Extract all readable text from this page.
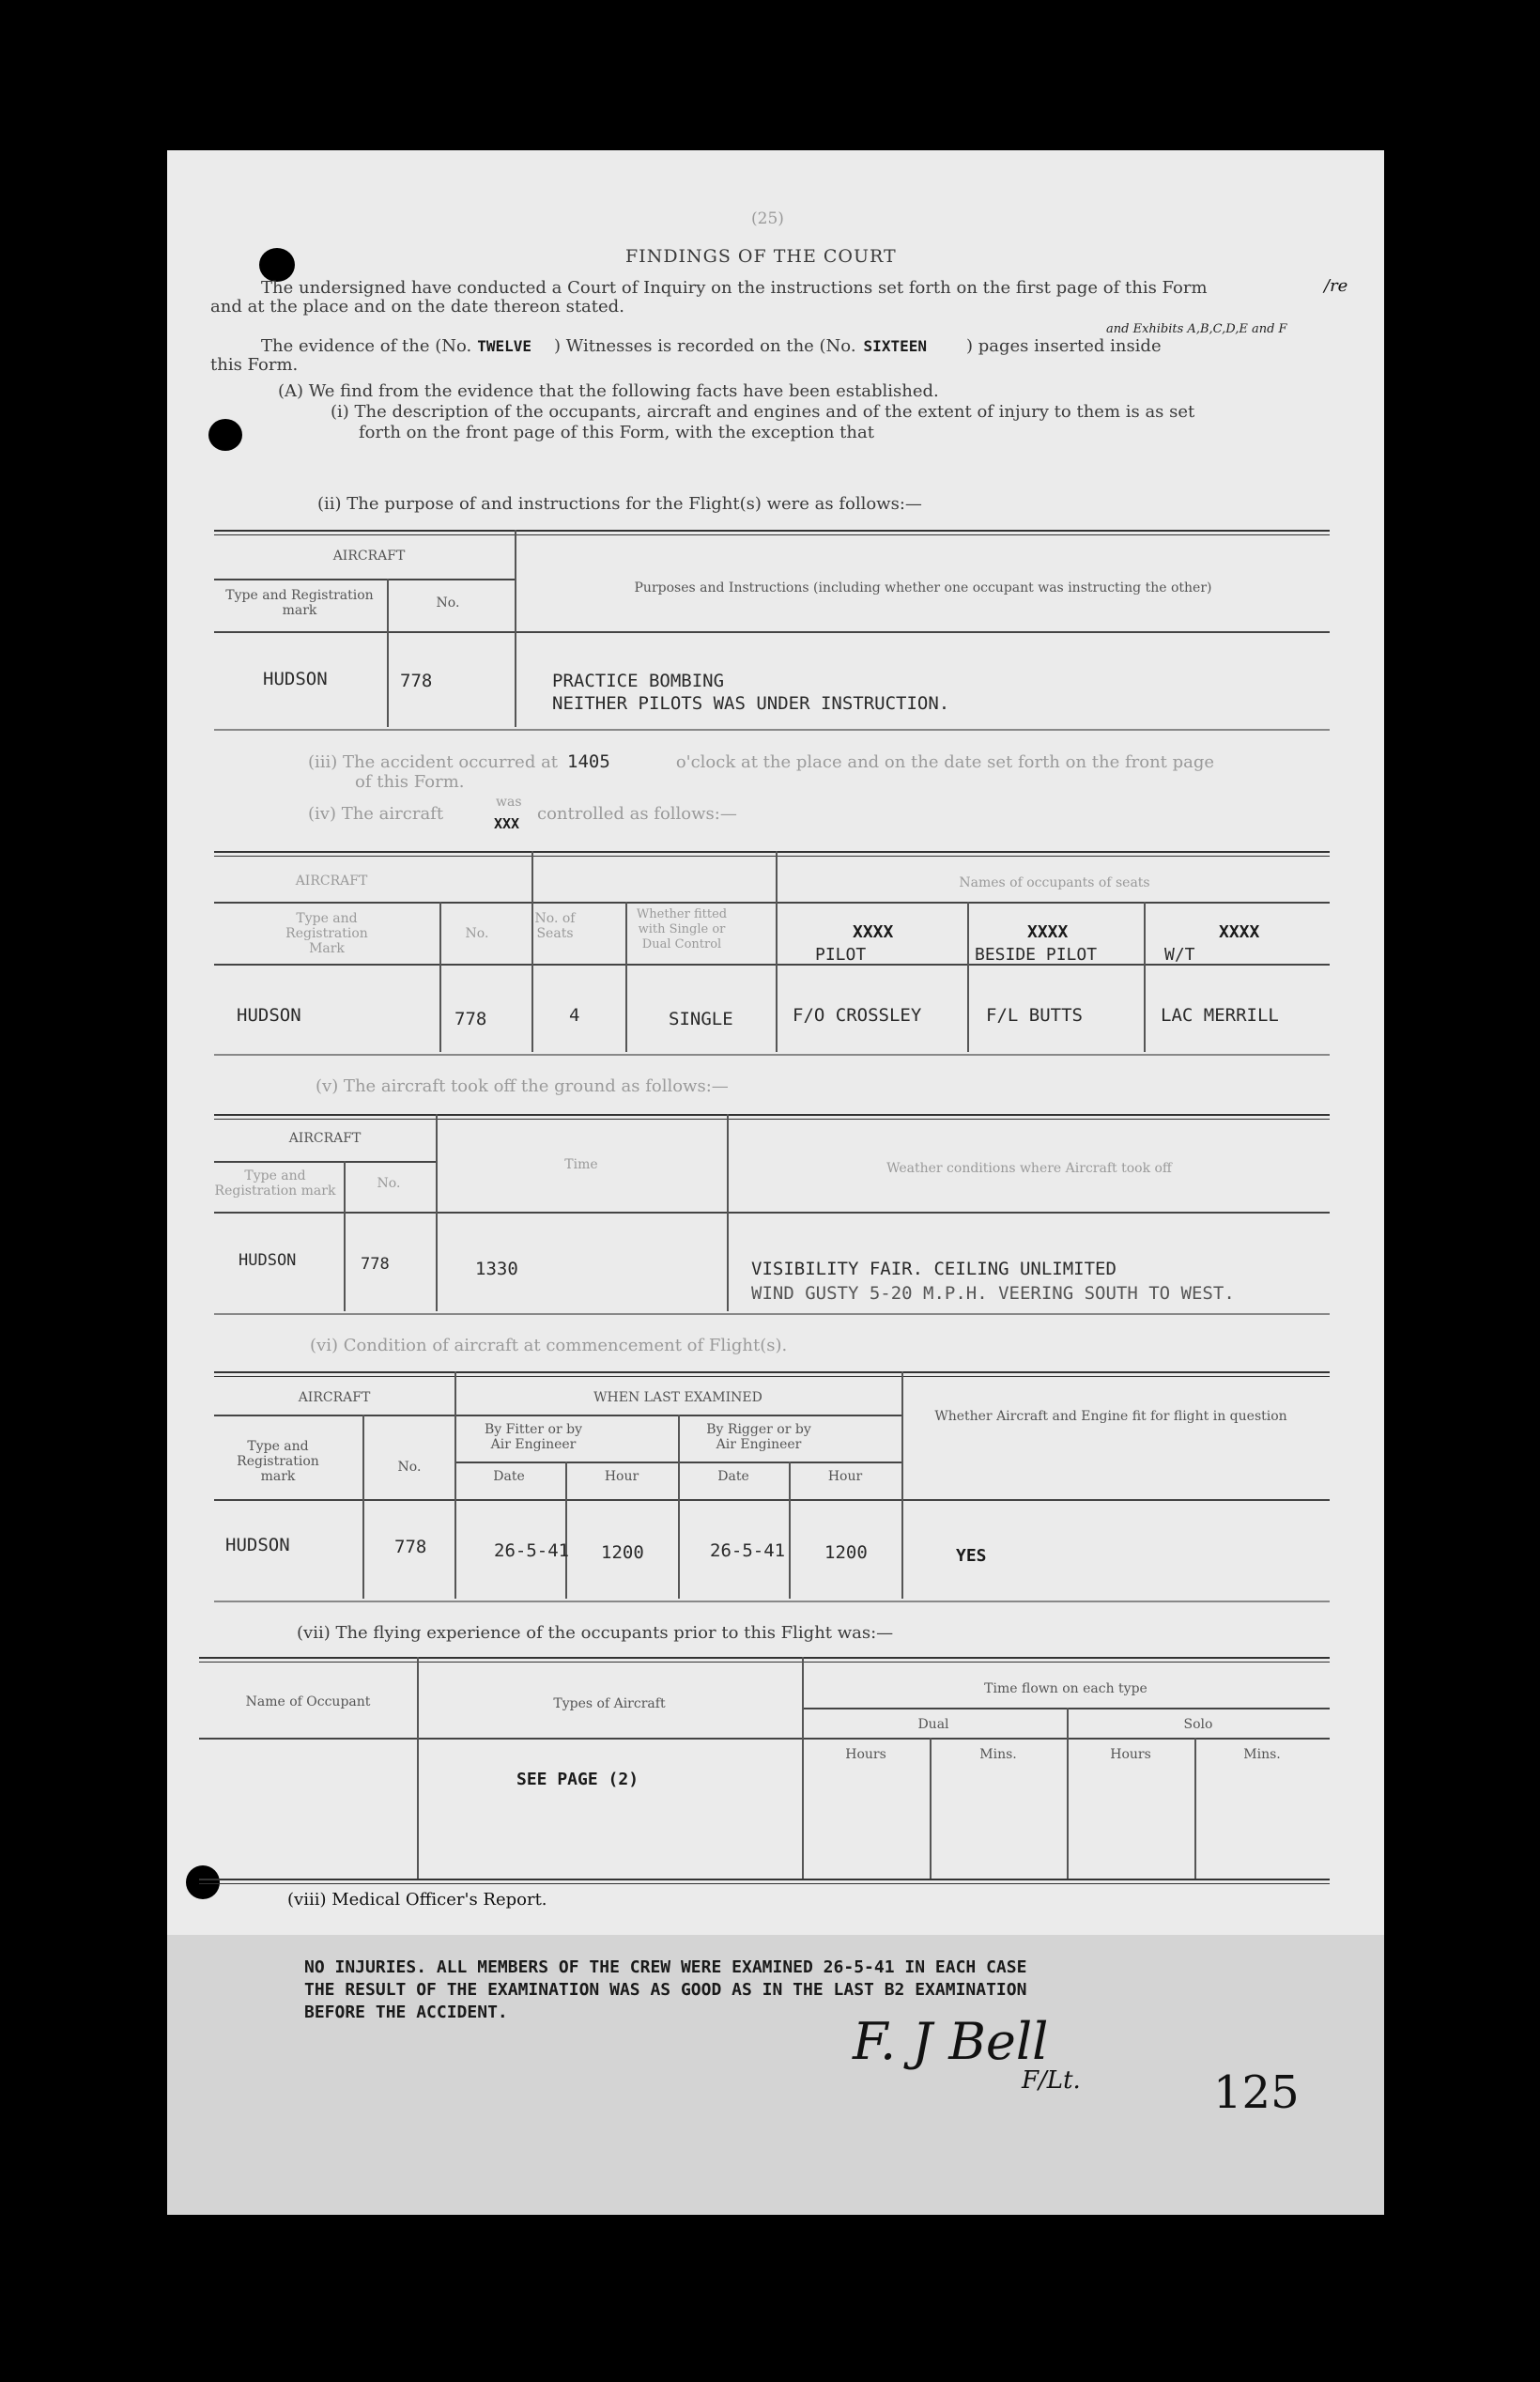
(25)
FINDINGS OF THE COURT
The undersigned have conducted a Court of Inquiry on the instructions set forth on the first page of this Form	/re
and at the place and on the date thereon stated.
and Exhibits A,B,C,D,E and F
The evidence of the (No. TWELVE ) Witnesses is recorded on the (No. SIXTEEN ) pages inserted inside
this Form.
(A) We find from the evidence that the following facts have been established.
(i) The description of the occupants, aircraft and engines and of the extent of injury to them is as set
forth on the front page of this Form, with the exception that
(ii) The purpose of and instructions for the Flight(s) were as follows:—
AIRCRAFT
Type and Registration mark	No.
Purposes and Instructions (including whether one occupant was instructing the other)
HUDSON	778	PRACTICE BOMBING
NEITHER PILOTS WAS UNDER INSTRUCTION.
(iii) The accident occurred at 1405	o'clock at the place and on the date set forth on the front page
of this Form.
(iv) The aircraft
was
XXX controlled as follows:—
AIRCRAFT	Names of occupants of seats
Type and Registration Mark
No.
No. of Seats
Whether fitted with Single or Dual Control
XXXX	XXXX	XXXX
PILOT	BESIDE PILOT	W/T
HUDSON	778	4	SINGLE	F/O CROSSLEY	F/L BUTTS	LAC MERRILL
(v) The aircraft took off the ground as follows:—
AIRCRAFT
Time	Weather conditions where Aircraft took off
Type and Registration mark	No.
HUDSON	778	1330	VISIBILITY FAIR. CEILING UNLIMITED
WIND GUSTY 5-20 M.P.H. VEERING SOUTH TO WEST.
(vi) Condition of aircraft at commencement of Flight(s).
AIRCRAFT	WHEN LAST EXAMINED
Whether Aircraft and Engine fit for flight in question
Type and Registration mark
No.
By Fitter or by Air Engineer
By Rigger or by Air Engineer
Date	Hour	Date	Hour
HUDSON	778	26-5-41 1200	26-5-41 1200	YES
(vii) The flying experience of the occupants prior to this Flight was:—
Name of Occupant	Types of Aircraft
Time flown on each type
Dual	Solo
Hours	Mins.	Hours	Mins.
SEE PAGE (2)
(viii) Medical Officer's Report.
NO INJURIES. ALL MEMBERS OF THE CREW WERE EXAMINED 26-5-41 IN EACH CASE
THE RESULT OF THE EXAMINATION WAS AS GOOD AS IN THE LAST B2 EXAMINATION
BEFORE THE ACCIDENT.	F. J Bell
F/Lt.	125
